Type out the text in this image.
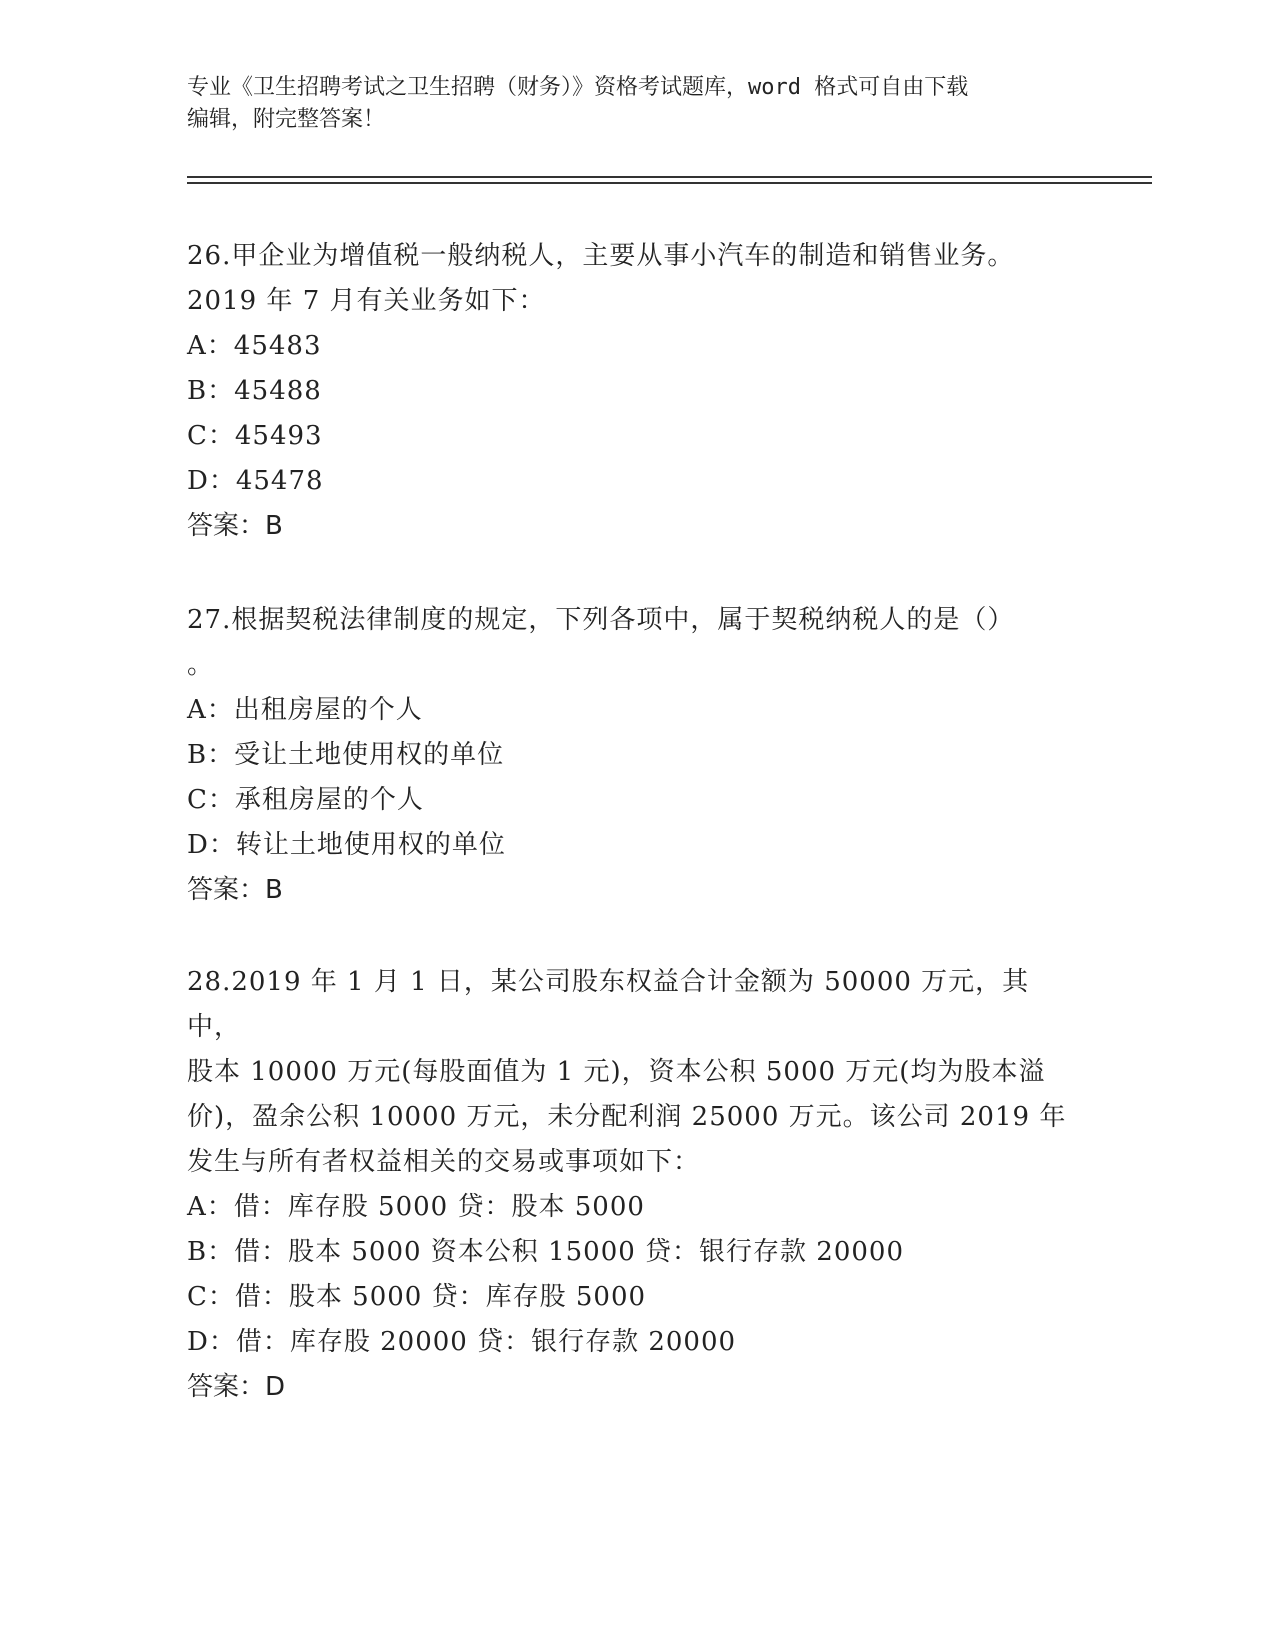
专业《卫生招聘考试之卫生招聘（财务）》资格考试题库，word 格式可自由下载
编辑，附完整答案！
26.甲企业为增值税一般纳税人，主要从事小汽车的制造和销售业务。
2019 年 7 月有关业务如下：
A：45483
B：45488
C：45493
D：45478
答案：B
27.根据契税法律制度的规定，下列各项中，属于契税纳税人的是（）
。
A：出租房屋的个人
B：受让土地使用权的单位
C：承租房屋的个人
D：转让土地使用权的单位
答案：B
28.2019 年 1 月 1 日，某公司股东权益合计金额为 50000 万元，其中，
股本 10000 万元(每股面值为 1 元)，资本公积 5000 万元(均为股本溢
价)，盈余公积 10000 万元，未分配利润 25000 万元。该公司 2019 年
发生与所有者权益相关的交易或事项如下：
A：借：库存股 5000 贷：股本 5000
B：借：股本 5000 资本公积 15000 贷：银行存款 20000
C：借：股本 5000 贷：库存股 5000
D：借：库存股 20000 贷：银行存款 20000
答案：D
